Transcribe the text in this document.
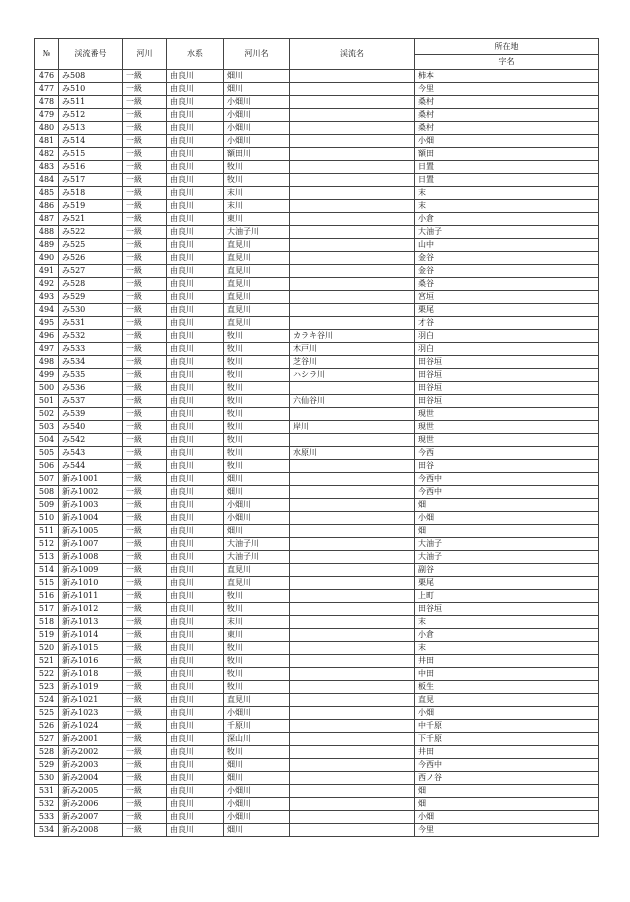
№	渓流番号	河川	水系	河川名	渓流名	所在地
						字名
476	み508	一級	由良川	畑川		柿本
477	み510	一級	由良川	畑川		今里
478	み511	一級	由良川	小畑川		桑村
479	み512	一級	由良川	小畑川		桑村
480	み513	一級	由良川	小畑川		桑村
481	み514	一級	由良川	小畑川		小畑
482	み515	一級	由良川	額田川		額田
483	み516	一級	由良川	牧川		日置
484	み517	一級	由良川	牧川		日置
485	み518	一級	由良川	末川		末
486	み519	一級	由良川	末川		末
487	み521	一級	由良川	東川		小倉
488	み522	一級	由良川	大油子川		大油子
489	み525	一級	由良川	直見川		山中
490	み526	一級	由良川	直見川		金谷
491	み527	一級	由良川	直見川		金谷
492	み528	一級	由良川	直見川		桑谷
493	み529	一級	由良川	直見川		宮垣
494	み530	一級	由良川	直見川		栗尾
495	み531	一級	由良川	直見川		才谷
496	み532	一級	由良川	牧川	カラキ谷川	羽白
497	み533	一級	由良川	牧川	木戸川	羽白
498	み534	一級	由良川	牧川	芝谷川	田谷垣
499	み535	一級	由良川	牧川	ハシラ川	田谷垣
500	み536	一級	由良川	牧川		田谷垣
501	み537	一級	由良川	牧川	六仙谷川	田谷垣
502	み539	一級	由良川	牧川		現世
503	み540	一級	由良川	牧川	岸川	現世
504	み542	一級	由良川	牧川		現世
505	み543	一級	由良川	牧川	水原川	今西
506	み544	一級	由良川	牧川		田谷
507	新み1001	一級	由良川	畑川		今西中
508	新み1002	一級	由良川	畑川		今西中
509	新み1003	一級	由良川	小畑川		畑
510	新み1004	一級	由良川	小畑川		小畑
511	新み1005	一級	由良川	畑川		畑
512	新み1007	一級	由良川	大油子川		大油子
513	新み1008	一級	由良川	大油子川		大油子
514	新み1009	一級	由良川	直見川		副谷
515	新み1010	一級	由良川	直見川		栗尾
516	新み1011	一級	由良川	牧川		上町
517	新み1012	一級	由良川	牧川		田谷垣
518	新み1013	一級	由良川	末川		末
519	新み1014	一級	由良川	東川		小倉
520	新み1015	一級	由良川	牧川		末
521	新み1016	一級	由良川	牧川		井田
522	新み1018	一級	由良川	牧川		中田
523	新み1019	一級	由良川	牧川		板生
524	新み1021	一級	由良川	直見川		直見
525	新み1023	一級	由良川	小畑川		小畑
526	新み1024	一級	由良川	千原川		中千原
527	新み2001	一級	由良川	深山川		下千原
528	新み2002	一級	由良川	牧川		井田
529	新み2003	一級	由良川	畑川		今西中
530	新み2004	一級	由良川	畑川		西ノ谷
531	新み2005	一級	由良川	小畑川		畑
532	新み2006	一級	由良川	小畑川		畑
533	新み2007	一級	由良川	小畑川		小畑
534	新み2008	一級	由良川	畑川		今里
